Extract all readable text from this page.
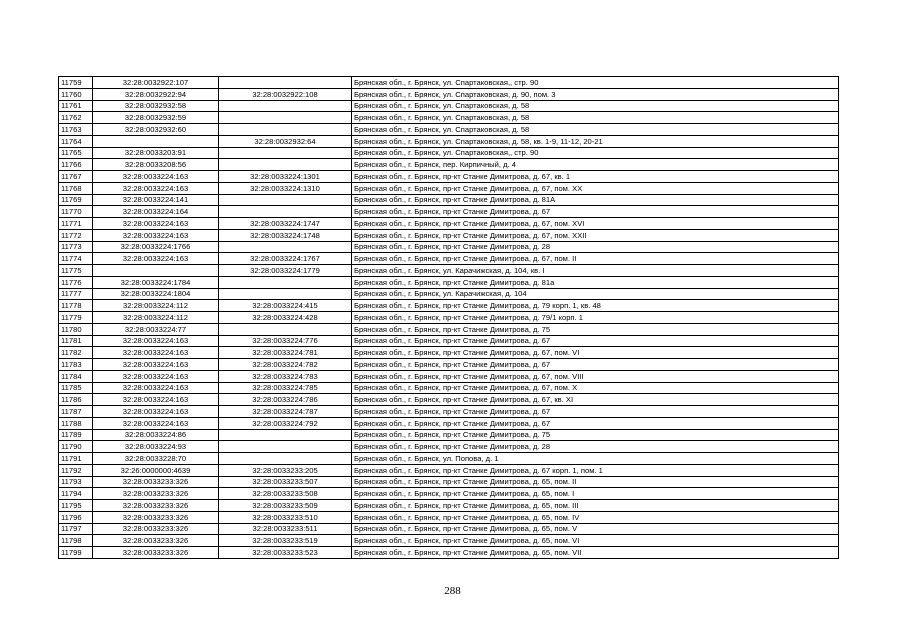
11759	32:28:0032922:107		Брянская обл., г. Брянск, ул. Спартаковская,, стр. 90
11760	32:28:0032922:94	32:28:0032922:108	Брянская обл., г. Брянск, ул. Спартаковская, д. 90, пом. 3
11761	32:28:0032932:58		Брянская обл., г. Брянск, ул. Спартаковская, д. 58
11762	32:28:0032932:59		Брянская обл., г. Брянск, ул. Спартаковская, д. 58
11763	32:28:0032932:60		Брянская обл., г. Брянск, ул. Спартаковская, д. 58
11764		32:28:0032932:64	Брянская обл., г. Брянск, ул. Спартаковская, д. 58, кв. 1-9, 11-12, 20-21
11765	32:28:0033203:91		Брянская обл., г. Брянск, ул. Спартаковская,, стр. 90
11766	32:28:0033208:56		Брянская обл., г. Брянск, пер. Кирпичный, д. 4
11767	32:28:0033224:163	32:28:0033224:1301	Брянская обл., г. Брянск, пр-кт Станке Димитрова, д. 67, кв. 1
11768	32:28:0033224:163	32:28:0033224:1310	Брянская обл., г. Брянск, пр-кт Станке Димитрова, д. 67, пом. XX
11769	32:28:0033224:141		Брянская обл., г. Брянск, пр-кт Станке Димитрова, д. 81А
11770	32:28:0033224:164		Брянская обл., г. Брянск, пр-кт Станке Димитрова, д. 67
11771	32:28:0033224:163	32:28:0033224:1747	Брянская обл., г. Брянск, пр-кт Станке Димитрова, д. 67, пом. XVI
11772	32:28:0033224:163	32:28:0033224:1748	Брянская обл., г. Брянск, пр-кт Станке Димитрова, д. 67, пом. XXII
11773	32:28:0033224:1766		Брянская обл., г. Брянск, пр-кт Станке Димитрова, д. 28
11774	32:28:0033224:163	32:28:0033224:1767	Брянская обл., г. Брянск, пр-кт Станке Димитрова, д. 67, пом. II
11775		32:28:0033224:1779	Брянская обл., г. Брянск, ул. Карачижская, д. 104, кв. I
11776	32:28:0033224:1784		Брянская обл., г. Брянск, пр-кт Станке Димитрова, д. 81а
11777	32:28:0033224:1804		Брянская обл., г. Брянск, ул. Карачижская, д. 104
11778	32:28:0033224:112	32:28:0033224:415	Брянская обл., г. Брянск, пр-кт Станке Димитрова, д. 79 корп. 1, кв. 48
11779	32:28:0033224:112	32:28:0033224:428	Брянская обл., г. Брянск, пр-кт Станке Димитрова, д. 79/1 корп. 1
11780	32:28:0033224:77		Брянская обл., г. Брянск, пр-кт Станке Димитрова, д. 75
11781	32:28:0033224:163	32:28:0033224:776	Брянская обл., г. Брянск, пр-кт Станке Димитрова, д. 67
11782	32:28:0033224:163	32:28:0033224:781	Брянская обл., г. Брянск, пр-кт Станке Димитрова, д. 67, пом. VI
11783	32:28:0033224:163	32:28:0033224:782	Брянская обл., г. Брянск, пр-кт Станке Димитрова, д. 67
11784	32:28:0033224:163	32:28:0033224:783	Брянская обл., г. Брянск, пр-кт Станке Димитрова, д. 67, пом. VIII
11785	32:28:0033224:163	32:28:0033224:785	Брянская обл., г. Брянск, пр-кт Станке Димитрова, д. 67, пом. X
11786	32:28:0033224:163	32:28:0033224:786	Брянская обл., г. Брянск, пр-кт Станке Димитрова, д. 67, кв. XI
11787	32:28:0033224:163	32:28:0033224:787	Брянская обл., г. Брянск, пр-кт Станке Димитрова, д. 67
11788	32:28:0033224:163	32:28:0033224:792	Брянская обл., г. Брянск, пр-кт Станке Димитрова, д. 67
11789	32:28:0033224:86		Брянская обл., г. Брянск, пр-кт Станке Димитрова, д. 75
11790	32:28:0033224:93		Брянская обл., г. Брянск, пр-кт Станке Димитрова, д. 28
11791	32:28:0033228:70		Брянская обл., г. Брянск, ул. Попова, д. 1
11792	32:26:0000000:4639	32:28:0033233:205	Брянская обл., г. Брянск, пр-кт Станке Димитрова, д. 67 корп. 1, пом. 1
11793	32:28:0033233:326	32:28:0033233:507	Брянская обл., г. Брянск, пр-кт Станке Димитрова, д. 65, пом. II
11794	32:28:0033233:326	32:28:0033233:508	Брянская обл., г. Брянск, пр-кт Станке Димитрова, д. 65, пом. I
11795	32:28:0033233:326	32:28:0033233:509	Брянская обл., г. Брянск, пр-кт Станке Димитрова, д. 65, пом. III
11796	32:28:0033233:326	32:28:0033233:510	Брянская обл., г. Брянск, пр-кт Станке Димитрова, д. 65, пом. IV
11797	32:28:0033233:326	32:28:0033233:511	Брянская обл., г. Брянск, пр-кт Станке Димитрова, д. 65, пом. V
11798	32:28:0033233:326	32:28:0033233:519	Брянская обл., г. Брянск, пр-кт Станке Димитрова, д. 65, пом. VI
11799	32:28:0033233:326	32:28:0033233:523	Брянская обл., г. Брянск, пр-кт Станке Димитрова, д. 65, пом. VII
288
